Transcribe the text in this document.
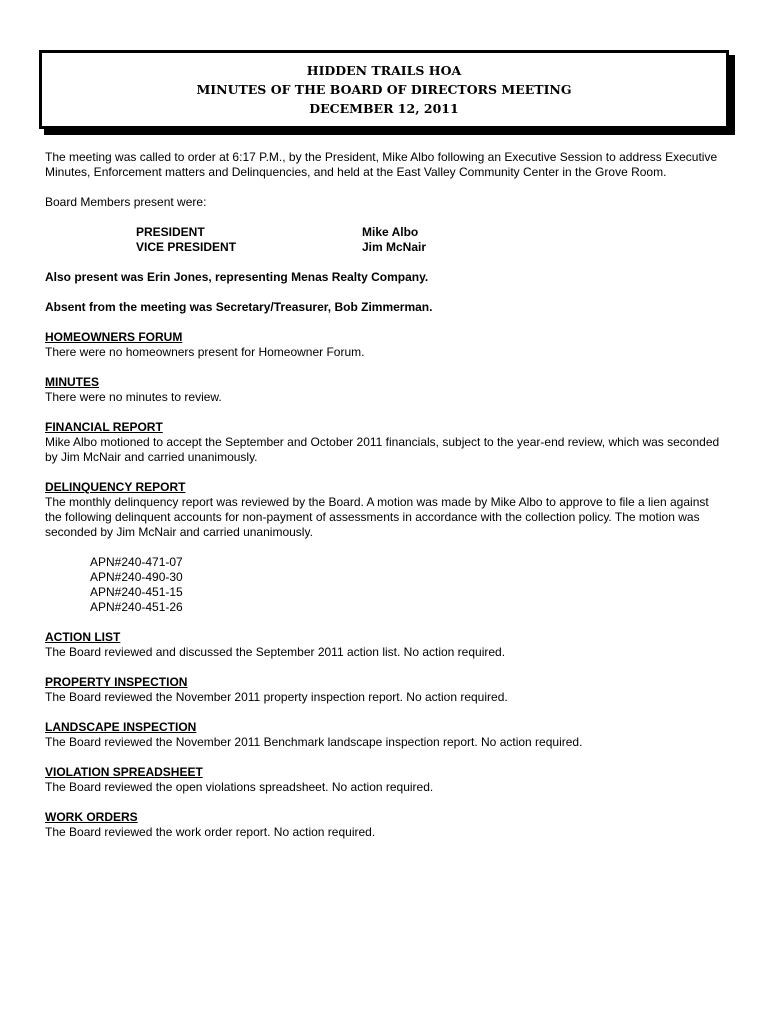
HIDDEN TRAILS HOA
MINUTES OF THE BOARD OF DIRECTORS MEETING
DECEMBER 12, 2011

The meeting was called to order at 6:17 P.M., by the President, Mike Albo following an Executive Session to address Executive Minutes, Enforcement matters and Delinquencies, and held at the East Valley Community Center in the Grove Room.

Board Members present were:

PRESIDENT	Mike Albo
VICE PRESIDENT	Jim McNair

Also present was Erin Jones, representing Menas Realty Company.

Absent from the meeting was Secretary/Treasurer, Bob Zimmerman.

HOMEOWNERS FORUM

There were no homeowners present for Homeowner Forum.

MINUTES

There were no minutes to review.

FINANCIAL REPORT

Mike Albo motioned to accept the September and October 2011 financials, subject to the year-end review, which was seconded by Jim McNair and carried unanimously.

DELINQUENCY REPORT

The monthly delinquency report was reviewed by the Board. A motion was made by Mike Albo to approve to file a lien against the following delinquent accounts for non-payment of assessments in accordance with the collection policy. The motion was seconded by Jim McNair and carried unanimously.

APN#240-471-07

APN#240-490-30

APN#240-451-15

APN#240-451-26

ACTION LIST

The Board reviewed and discussed the September 2011 action list. No action required.

PROPERTY INSPECTION

The Board reviewed the November 2011 property inspection report. No action required.

LANDSCAPE INSPECTION

The Board reviewed the November 2011 Benchmark landscape inspection report. No action required.

VIOLATION SPREADSHEET

The Board reviewed the open violations spreadsheet. No action required.

WORK ORDERS

The Board reviewed the work order report. No action required.
